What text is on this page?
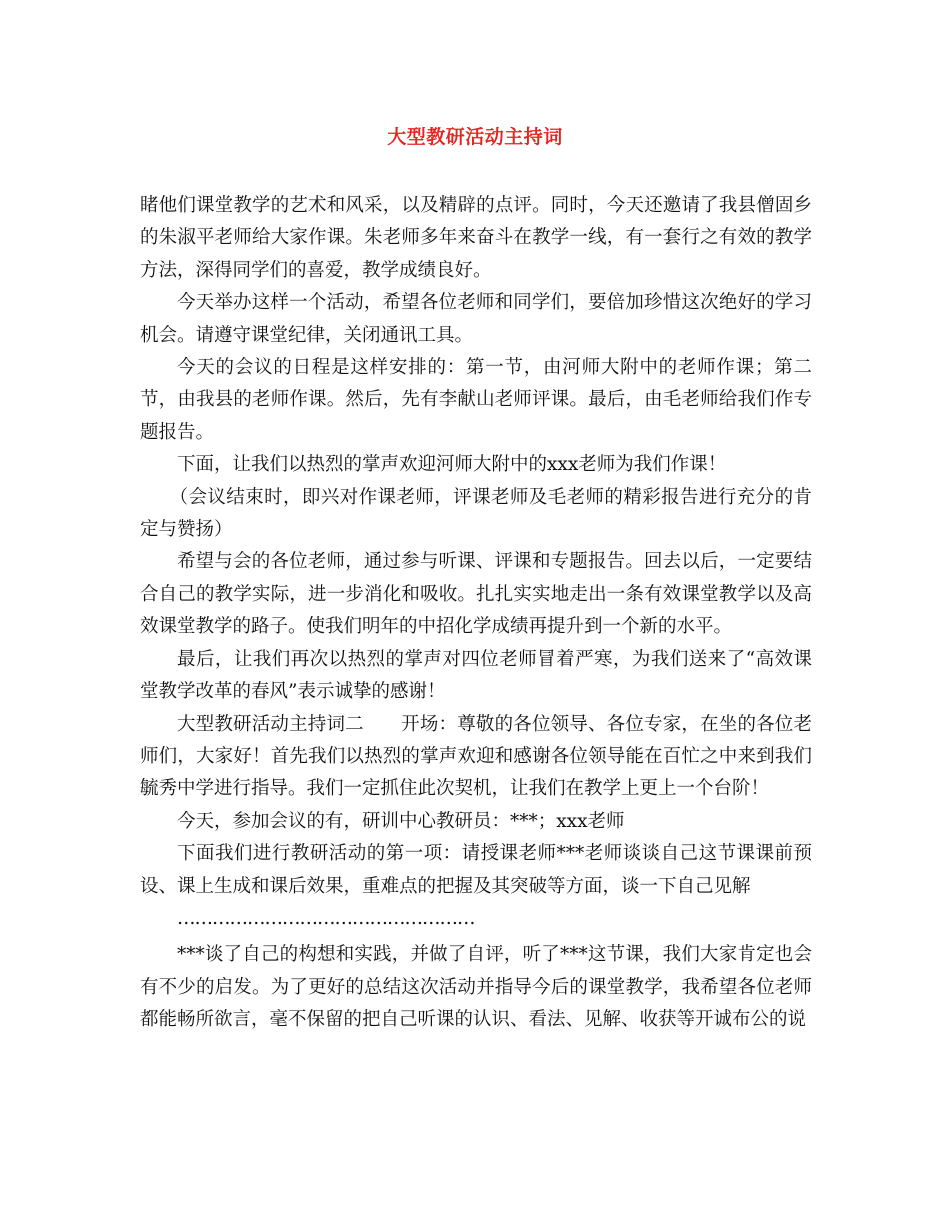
大型教研活动主持词

睹他们课堂教学的艺术和风采，以及精辟的点评。同时，今天还邀请了我县僧固乡的朱淑平老师给大家作课。朱老师多年来奋斗在教学一线，有一套行之有效的教学方法，深得同学们的喜爱，教学成绩良好。

今天举办这样一个活动，希望各位老师和同学们，要倍加珍惜这次绝好的学习机会。请遵守课堂纪律，关闭通讯工具。

今天的会议的日程是这样安排的：第一节，由河师大附中的老师作课；第二节，由我县的老师作课。然后，先有李献山老师评课。最后，由毛老师给我们作专题报告。

下面，让我们以热烈的掌声欢迎河师大附中的xxx老师为我们作课！

（会议结束时，即兴对作课老师，评课老师及毛老师的精彩报告进行充分的肯定与赞扬）

希望与会的各位老师，通过参与听课、评课和专题报告。回去以后，一定要结合自己的教学实际，进一步消化和吸收。扎扎实实地走出一条有效课堂教学以及高效课堂教学的路子。使我们明年的中招化学成绩再提升到一个新的水平。

最后，让我们再次以热烈的掌声对四位老师冒着严寒，为我们送来了“高效课堂教学改革的春风”表示诚挚的感谢！

大型教研活动主持词二　　开场：尊敬的各位领导、各位专家，在坐的各位老师们，大家好！首先我们以热烈的掌声欢迎和感谢各位领导能在百忙之中来到我们毓秀中学进行指导。我们一定抓住此次契机，让我们在教学上更上一个台阶！

今天，参加会议的有，研训中心教研员：***；xxx老师

下面我们进行教研活动的第一项：请授课老师***老师谈谈自己这节课课前预设、课上生成和课后效果，重难点的把握及其突破等方面，谈一下自己见解

……………………………………………

***谈了自己的构想和实践，并做了自评，听了***这节课，我们大家肯定也会有不少的启发。为了更好的总结这次活动并指导今后的课堂教学，我希望各位老师都能畅所欲言，毫不保留的把自己听课的认识、看法、见解、收获等开诚布公的说
